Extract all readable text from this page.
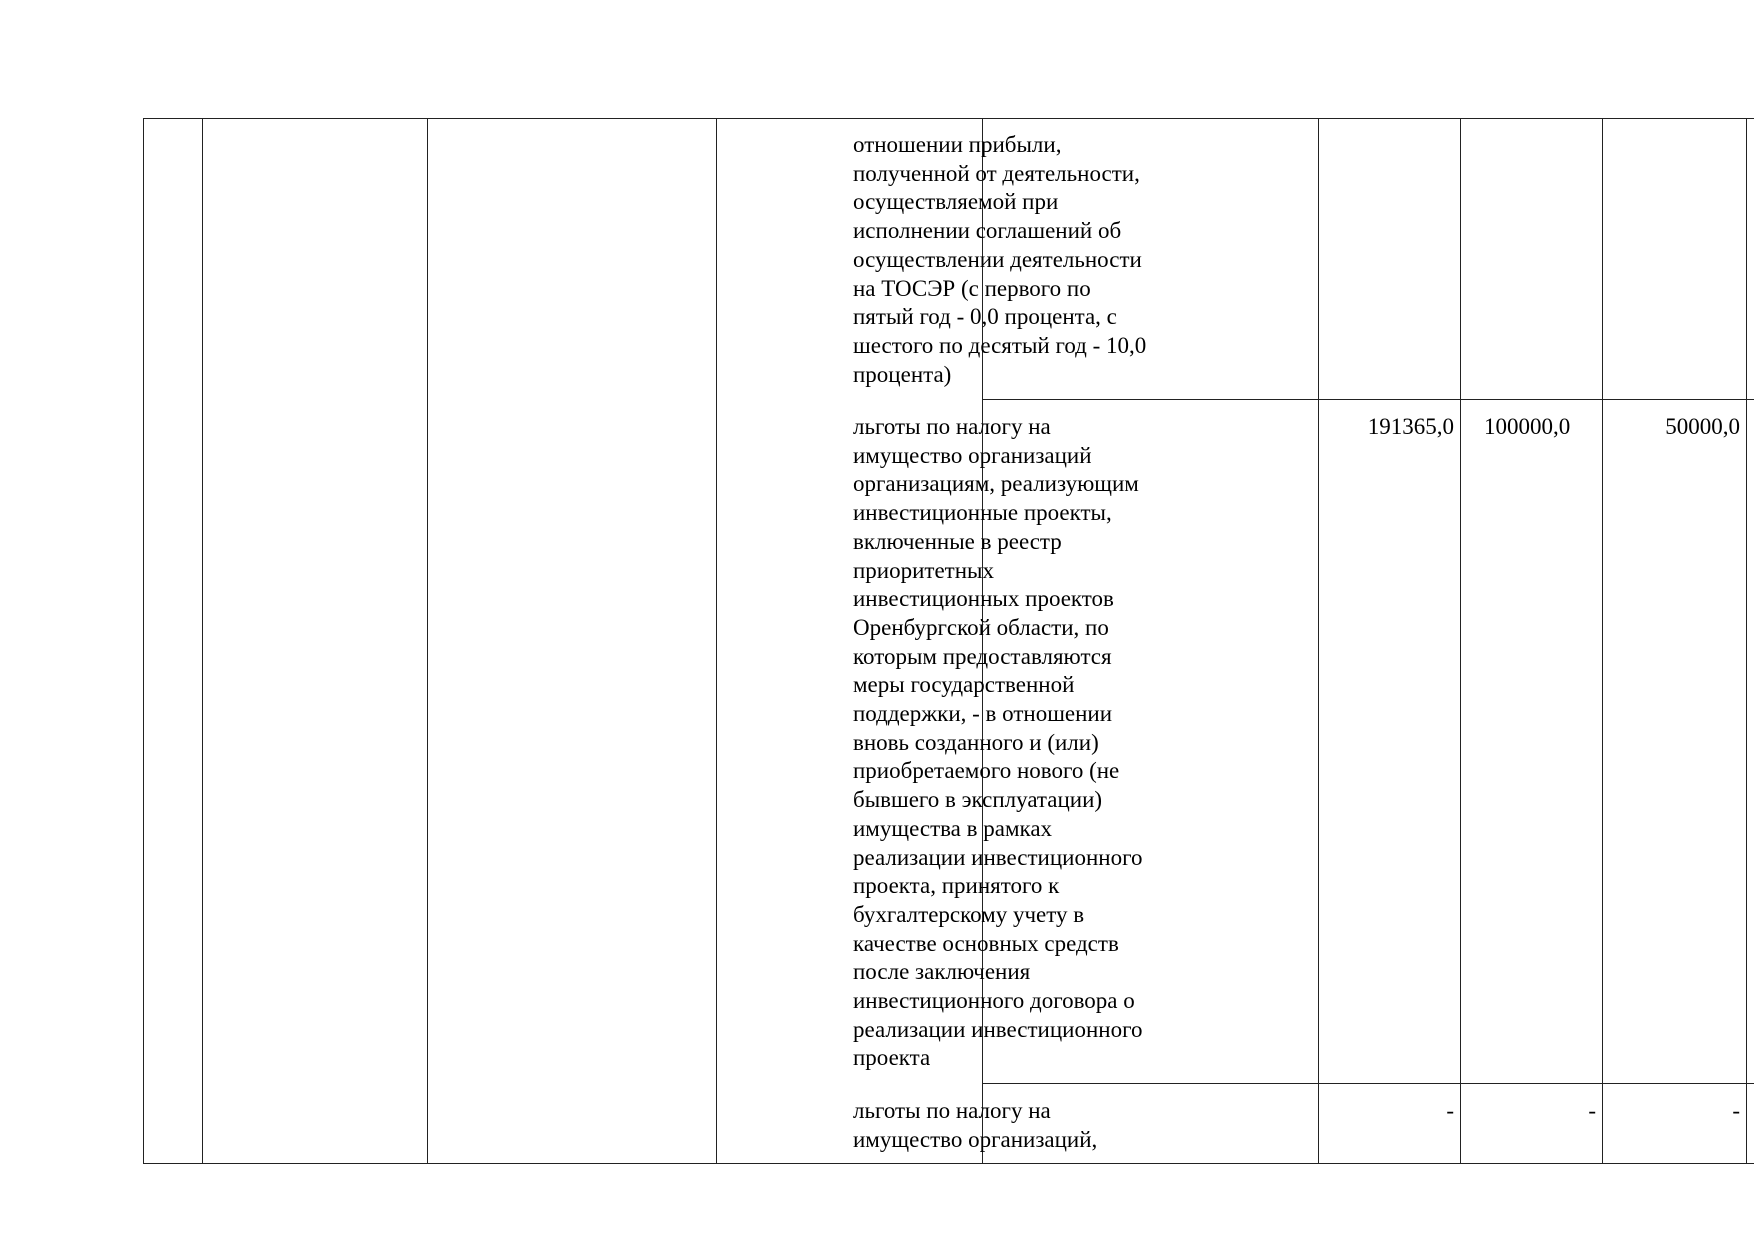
отношении прибыли,
полученной от деятельности,
осуществляемой при
исполнении соглашений об
осуществлении деятельности
на ТОСЭР (с первого по
пятый год - 0,0 процента, с
шестого по десятый год - 10,0
процента)
льготы по налогу на
имущество организаций
организациям, реализующим
инвестиционные проекты,
включенные в реестр
приоритетных
инвестиционных проектов
Оренбургской области, по
которым предоставляются
меры государственной
поддержки, - в отношении
вновь созданного и (или)
приобретаемого нового (не
бывшего в эксплуатации)
имущества в рамках
реализации инвестиционного
проекта, принятого к
бухгалтерскому учету в
качестве основных средств
после заключения
инвестиционного договора о
реализации инвестиционного
проекта
191365,0	100000,0	50000,0
льготы по налогу на
имущество организаций,
-	-	-
